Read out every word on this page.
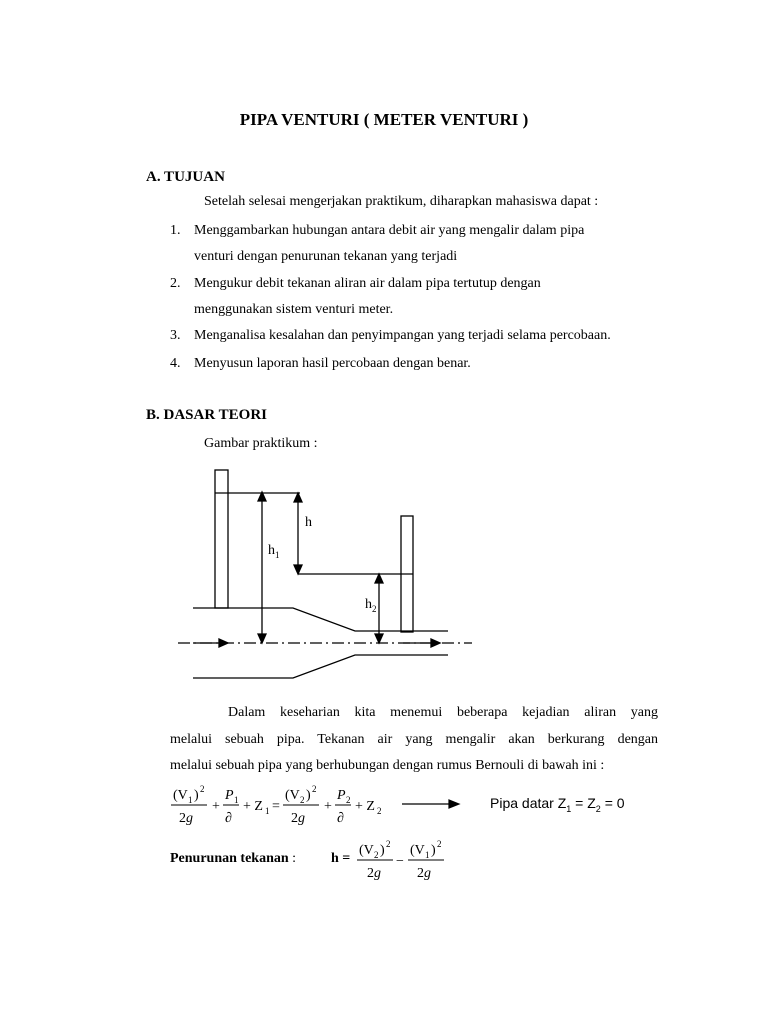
PIPA VENTURI ( METER VENTURI )
A. TUJUAN
Setelah selesai mengerjakan praktikum, diharapkan mahasiswa dapat :
1. Menggambarkan hubungan antara debit air yang mengalir dalam pipa
venturi dengan penurunan tekanan yang terjadi
2. Mengukur debit tekanan aliran air dalam pipa tertutup dengan
menggunakan sistem venturi meter.
3. Menganalisa kesalahan dan penyimpangan yang terjadi selama percobaan.
4. Menyusun laporan hasil percobaan dengan benar.
B. DASAR TEORI
Gambar praktikum :
h
$h_1$
$h_2$
Dalam keseharian kita menemui beberapa kejadian aliran yang
melalui sebuah pipa. Tekanan air yang mengalir akan berkurang dengan
melalui sebuah pipa yang berhubungan dengan rumus Bernouli di bawah ini :
(V 1 ) 2
2g
+
P 1
∂
+ Z 1 =
(V 2 ) 2
2g
+
P 2
∂
+ Z 2	Pipa datar $Z_1 = Z_2 = 0$
Penurunan tekanan : h =
(V 2 ) 2
2g
−
(V 1 ) 2
2g
